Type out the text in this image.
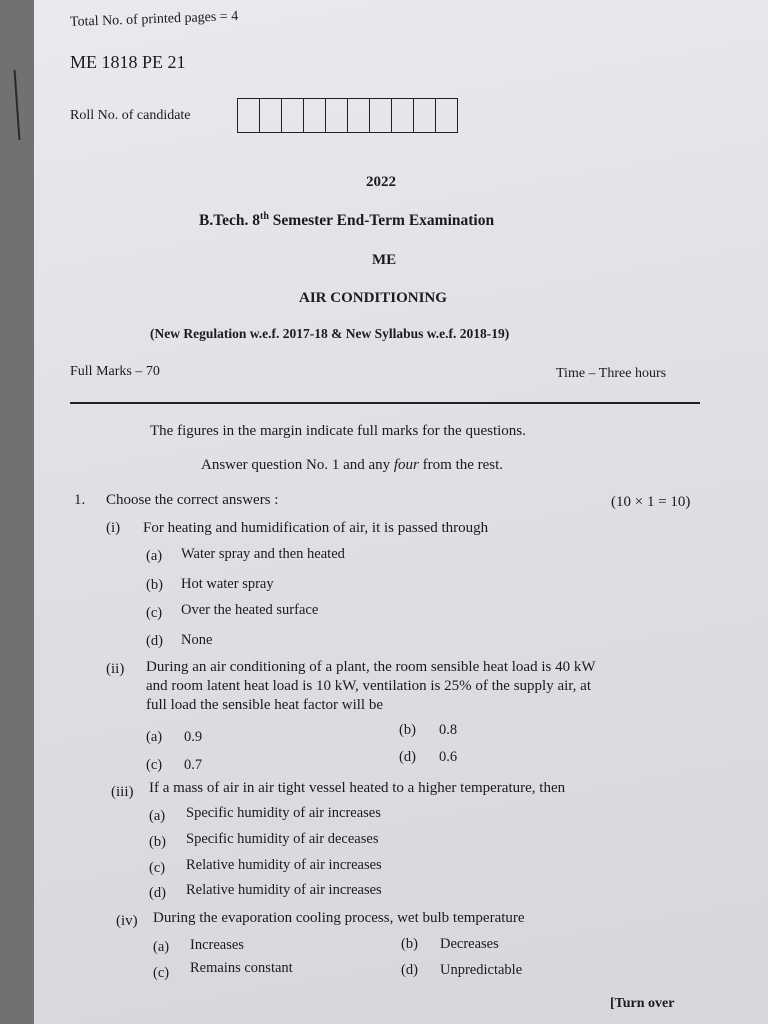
Total No. of printed pages = 4
ME 1818 PE 21
Roll No. of candidate
2022
B.Tech. 8th Semester End-Term Examination
ME
AIR CONDITIONING
(New Regulation w.e.f. 2017-18 & New Syllabus w.e.f. 2018-19)
Full Marks – 70	Time – Three hours
The figures in the margin indicate full marks for the questions.
Answer question No. 1 and any four from the rest.
1. Choose the correct answers :	(10 × 1 = 10)
(i) For heating and humidification of air, it is passed through
(a) Water spray and then heated
(b) Hot water spray
(c) Over the heated surface
(d) None
(ii) During an air conditioning of a plant, the room sensible heat load is 40 kW
and room latent heat load is 10 kW, ventilation is 25% of the supply air, at
full load the sensible heat factor will be
(a) 0.9	(b) 0.8
(c) 0.7	(d) 0.6
(iii) If a mass of air in air tight vessel heated to a higher temperature, then
(a) Specific humidity of air increases
(b) Specific humidity of air deceases
(c) Relative humidity of air increases
(d) Relative humidity of air increases
(iv) During the evaporation cooling process, wet bulb temperature
(a) Increases	(b) Decreases
(c) Remains constant	(d) Unpredictable
[Turn over
